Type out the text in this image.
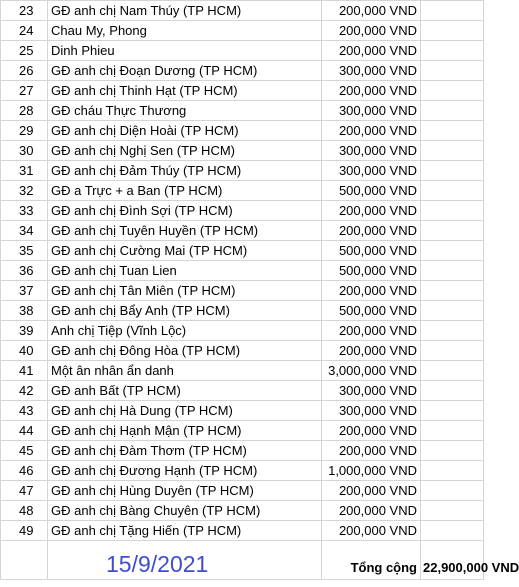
23	GĐ anh chị Nam Thúy (TP HCM)	200,000 VND	
24	Chau My, Phong	200,000 VND	
25	Dinh Phieu	200,000 VND	
26	GĐ anh chị Đoạn Dương (TP HCM)	300,000 VND	
27	GĐ anh chị Thinh Hạt (TP HCM)	200,000 VND	
28	GĐ cháu Thực Thương	300,000 VND	
29	GĐ anh chị Diện Hoài (TP HCM)	200,000 VND	
30	GĐ anh chị Nghị Sen (TP HCM)	300,000 VND	
31	GĐ anh chị Đảm Thúy (TP HCM)	300,000 VND	
32	GĐ a Trực + a Ban (TP HCM)	500,000 VND	
33	GĐ anh chị Đình Sợi (TP HCM)	200,000 VND	
34	GĐ anh chị Tuyên Huyền (TP HCM)	200,000 VND	
35	GĐ anh chị Cường Mai (TP HCM)	500,000 VND	
36	GĐ anh chị Tuan Lien	500,000 VND	
37	GĐ anh chị Tân Miên (TP HCM)	200,000 VND	
38	GĐ anh chị Bẩy Anh (TP HCM)	500,000 VND	
39	Anh chị Tiệp (Vĩnh Lộc)	200,000 VND	
40	GĐ anh chị Đông Hòa (TP HCM)	200,000 VND	
41	Một ân nhân ẩn danh	3,000,000 VND	
42	GĐ anh Bất (TP HCM)	300,000 VND	
43	GĐ anh chị Hà Dung (TP HCM)	300,000 VND	
44	GĐ anh chị Hạnh Mận (TP HCM)	200,000 VND	
45	GĐ anh chị Đàm Thơm (TP HCM)	200,000 VND	
46	GĐ anh chị Đương Hạnh (TP HCM)	1,000,000 VND	
47	GĐ anh chị Hùng Duyên (TP HCM)	200,000 VND	
48	GĐ anh chị Bàng Chuyên (TP HCM)	200,000 VND	
49	GĐ anh chị Tặng Hiến (TP HCM)	200,000 VND	
	15/9/2021	Tổng cộng	22,900,000 VND
